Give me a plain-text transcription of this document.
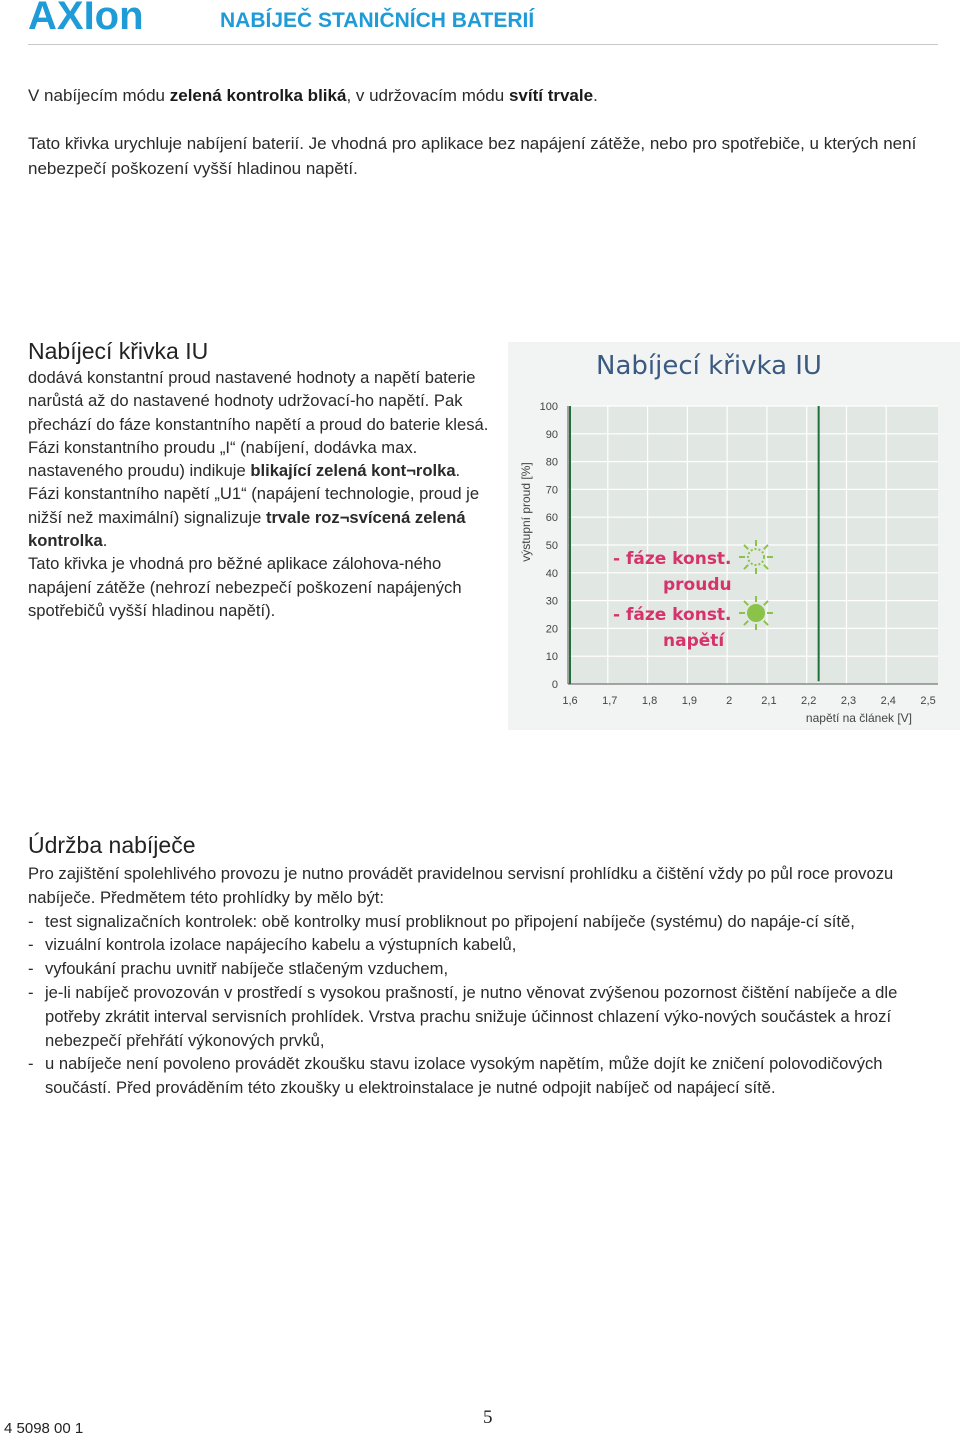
AXIon	NABÍJEČ STANIČNÍCH BATERIÍ
V nabíjecím módu zelená kontrolka bliká, v udržovacím módu svítí trvale.
Tato křivka urychluje nabíjení baterií. Je vhodná pro aplikace bez napájení zátěže, nebo pro spotřebiče, u kterých není nebezpečí poškození vyšší hladinou napětí.
Nabíjecí křivka IU

dodává konstantní proud nastavené hodnoty a napětí baterie narůstá až do nastavené hodnoty udržovací-ho napětí. Pak přechází do fáze konstantního napětí a proud do baterie klesá.

Fázi konstantního proudu „I“ (nabíjení, dodávka max. nastaveného proudu) indikuje blikající zelená kont¬rolka.

Fázi konstantního napětí „U1“ (napájení technologie, proud je nižší než maximální) signalizuje trvale roz¬svícená zelená kontrolka.

Tato křivka je vhodná pro běžné aplikace zálohova-ného napájení zátěže (nehrozí nebezpečí poškození napájených spotřebičů vyšší hladinou napětí).

0
10
20
30
40
50
60
70
80
90
100
1,6 1,7 1,8 1,9	2	2,1 2,2 2,3 2,4 2,5
Nabíjecí křivka IU
výstupní proud [%]
napětí na článek [V]
- fáze konst.
proudu
- fáze konst.
napětí
Údržba nabíječe
Pro zajištění spolehlivého provozu je nutno provádět pravidelnou servisní prohlídku a čištění vždy po půl roce provozu nabíječe. Předmětem této prohlídky by mělo být:
- test signalizačních kontrolek: obě kontrolky musí probliknout po připojení nabíječe (systému) do napáje-cí sítě,
- vizuální kontrola izolace napájecího kabelu a výstupních kabelů,
- vyfoukání prachu uvnitř nabíječe stlačeným vzduchem,
- je-li nabíječ provozován v prostředí s vysokou prašností, je nutno věnovat zvýšenou pozornost čištění nabíječe a dle potřeby zkrátit interval servisních prohlídek. Vrstva prachu snižuje účinnost chlazení výko-nových součástek a hrozí nebezpečí přehřátí výkonových prvků,
- u nabíječe není povoleno provádět zkoušku stavu izolace vysokým napětím, může dojít ke zničení polovodičových součástí. Před prováděním této zkoušky u elektroinstalace je nutné odpojit nabíječ od napájecí sítě.
4 5098 00 1
5
